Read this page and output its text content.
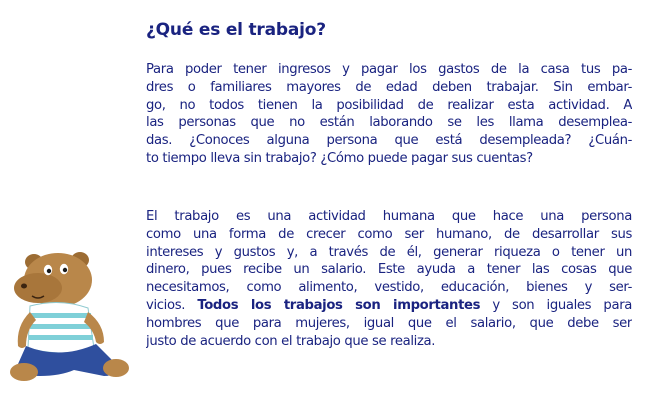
¿Qué es el trabajo?
Para poder tener ingresos y pagar los gastos de la casa tus pa-
dres o familiares mayores de edad deben trabajar. Sin embar-
go, no todos tienen la posibilidad de realizar esta actividad. A
las personas que no están laborando se les llama desemplea-
das. ¿Conoces alguna persona que está desempleada? ¿Cuán-
to tiempo lleva sin trabajo? ¿Cómo puede pagar sus cuentas?
El trabajo es una actividad humana que hace una persona
como una forma de crecer como ser humano, de desarrollar sus
intereses y gustos y, a través de él, generar riqueza o tener un
dinero, pues recibe un salario. Este ayuda a tener las cosas que
necesitamos, como alimento, vestido, educación, bienes y ser-
vicios. Todos los trabajos son importantes y son iguales para
hombres que para mujeres, igual que el salario, que debe ser
justo de acuerdo con el trabajo que se realiza.
